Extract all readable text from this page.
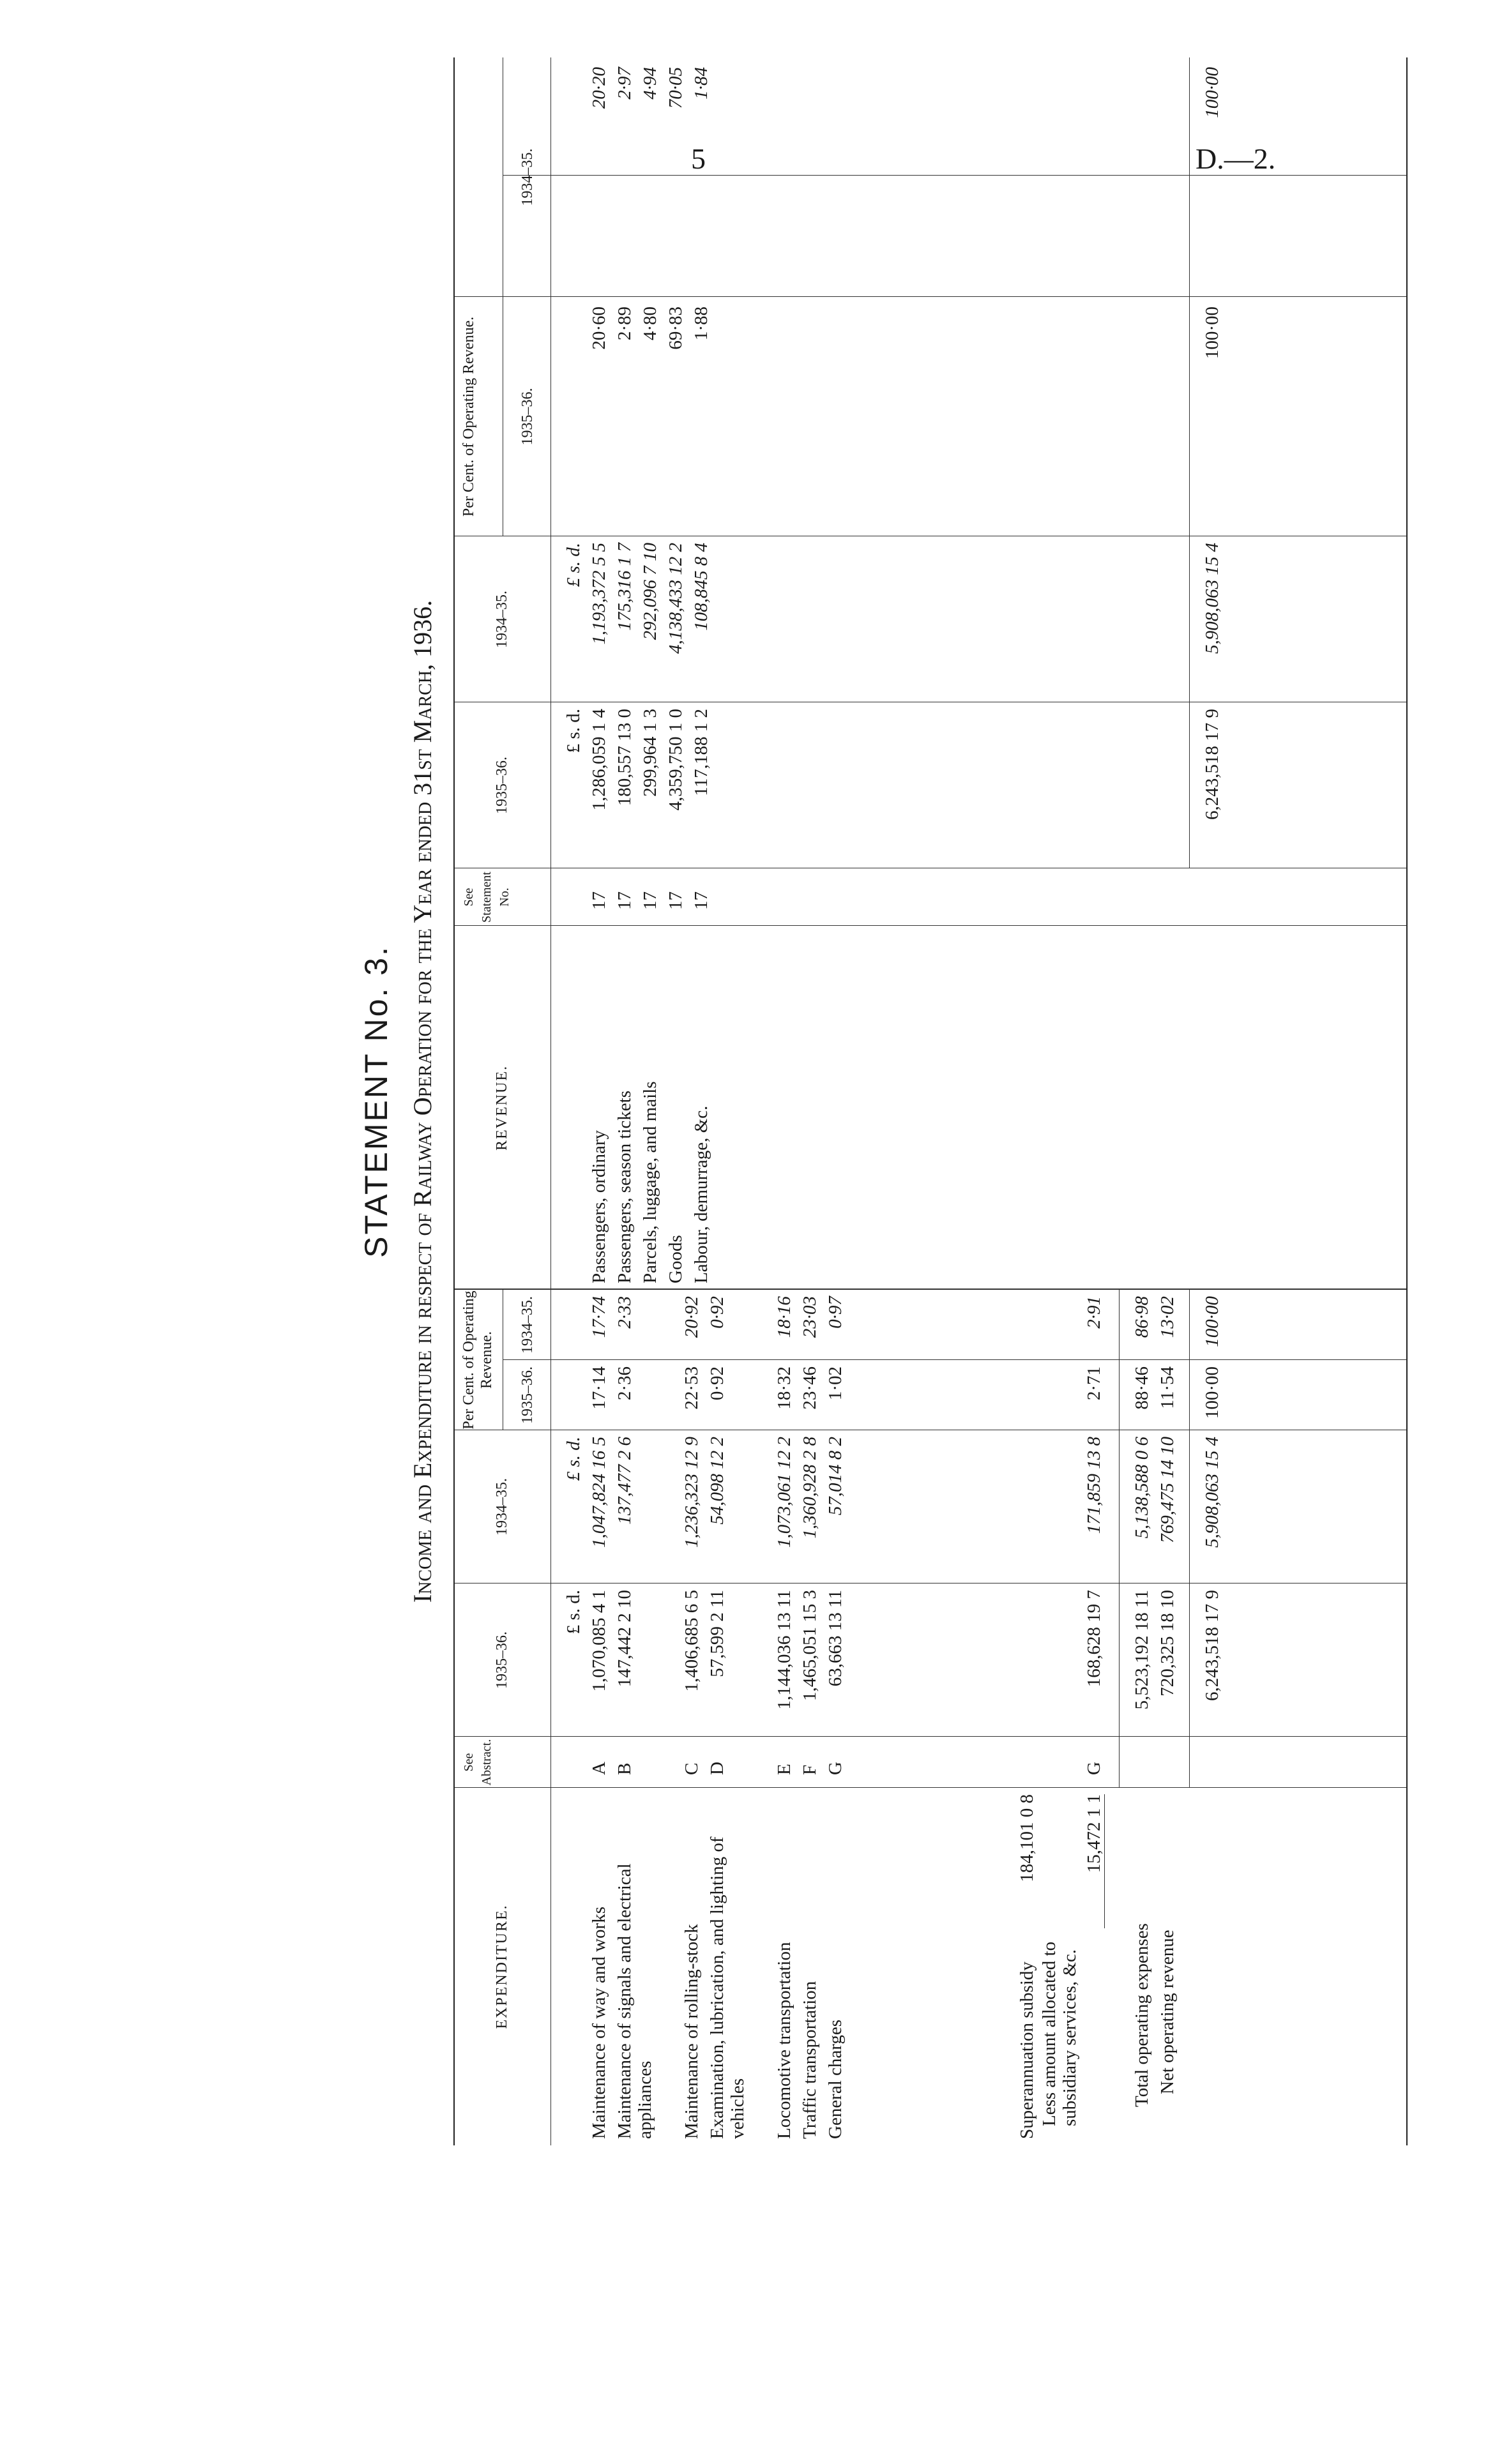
5	D.—2.
STATEMENT No. 3. Income and Expenditure in respect of Railway Operation for the Year ended 31st March, 1936.
EXPENDITURE.
See Abstract.
1935–36.
1934–35.
Per Cent. of Operating Revenue.
1935–36.
1934–35.
REVENUE.
See Statement No.
1935–36.
1934–35.
Per Cent. of Operating Revenue.	1935–36.
1934–35.
£ s. d.
£ s. d.
£ s. d.
£ s. d.
Maintenance of way and works
A
1,070,085 4 1
1,047,824 16 5
17·14
17·74
Maintenance of signals and electrical appliances
B
147,442 2 10
137,477 2 6
2·36
2·33
Maintenance of rolling-stock
C
1,406,685 6 5
1,236,323 12 9
22·53
20·92
Examination, lubrication, and lighting of vehicles
D
57,599 2 11
54,098 12 2
0·92
0·92
Locomotive transportation
E
1,144,036 13 11
1,073,061 12 2
18·32
18·16
Traffic transportation
F
1,465,051 15 3
1,360,928 2 8
23·46
23·03
General charges
G
63,663 13 11
57,014 8 2
1·02
0·97
Superannuation subsidy
184,101 0 8
Less amount allocated to subsidiary services, &c.
15,472 1 1
G
168,628 19 7
171,859 13 8
2·71
2·91
Total operating expenses
5,523,192 18 11
5,138,588 0 6
88·46
86·98
Net operating revenue
720,325 18 10
769,475 14 10
11·54
13·02
6,243,518 17 9
5,908,063 15 4
100·00
100·00
6,243,518 17 9
5,908,063 15 4
100·00
100·00
Passengers, ordinary
17
1,286,059 1 4
1,193,372 5 5
20·60
20·20
Passengers, season tickets
17
180,557 13 0
175,316 1 7
2·89
2·97
Parcels, luggage, and mails
17
299,964 1 3
292,096 7 10
4·80
4·94
Goods
17
4,359,750 1 0
4,138,433 12 2
69·83
70·05
Labour, demurrage, &c.
17
117,188 1 2
108,845 8 4
1·88
1·84
